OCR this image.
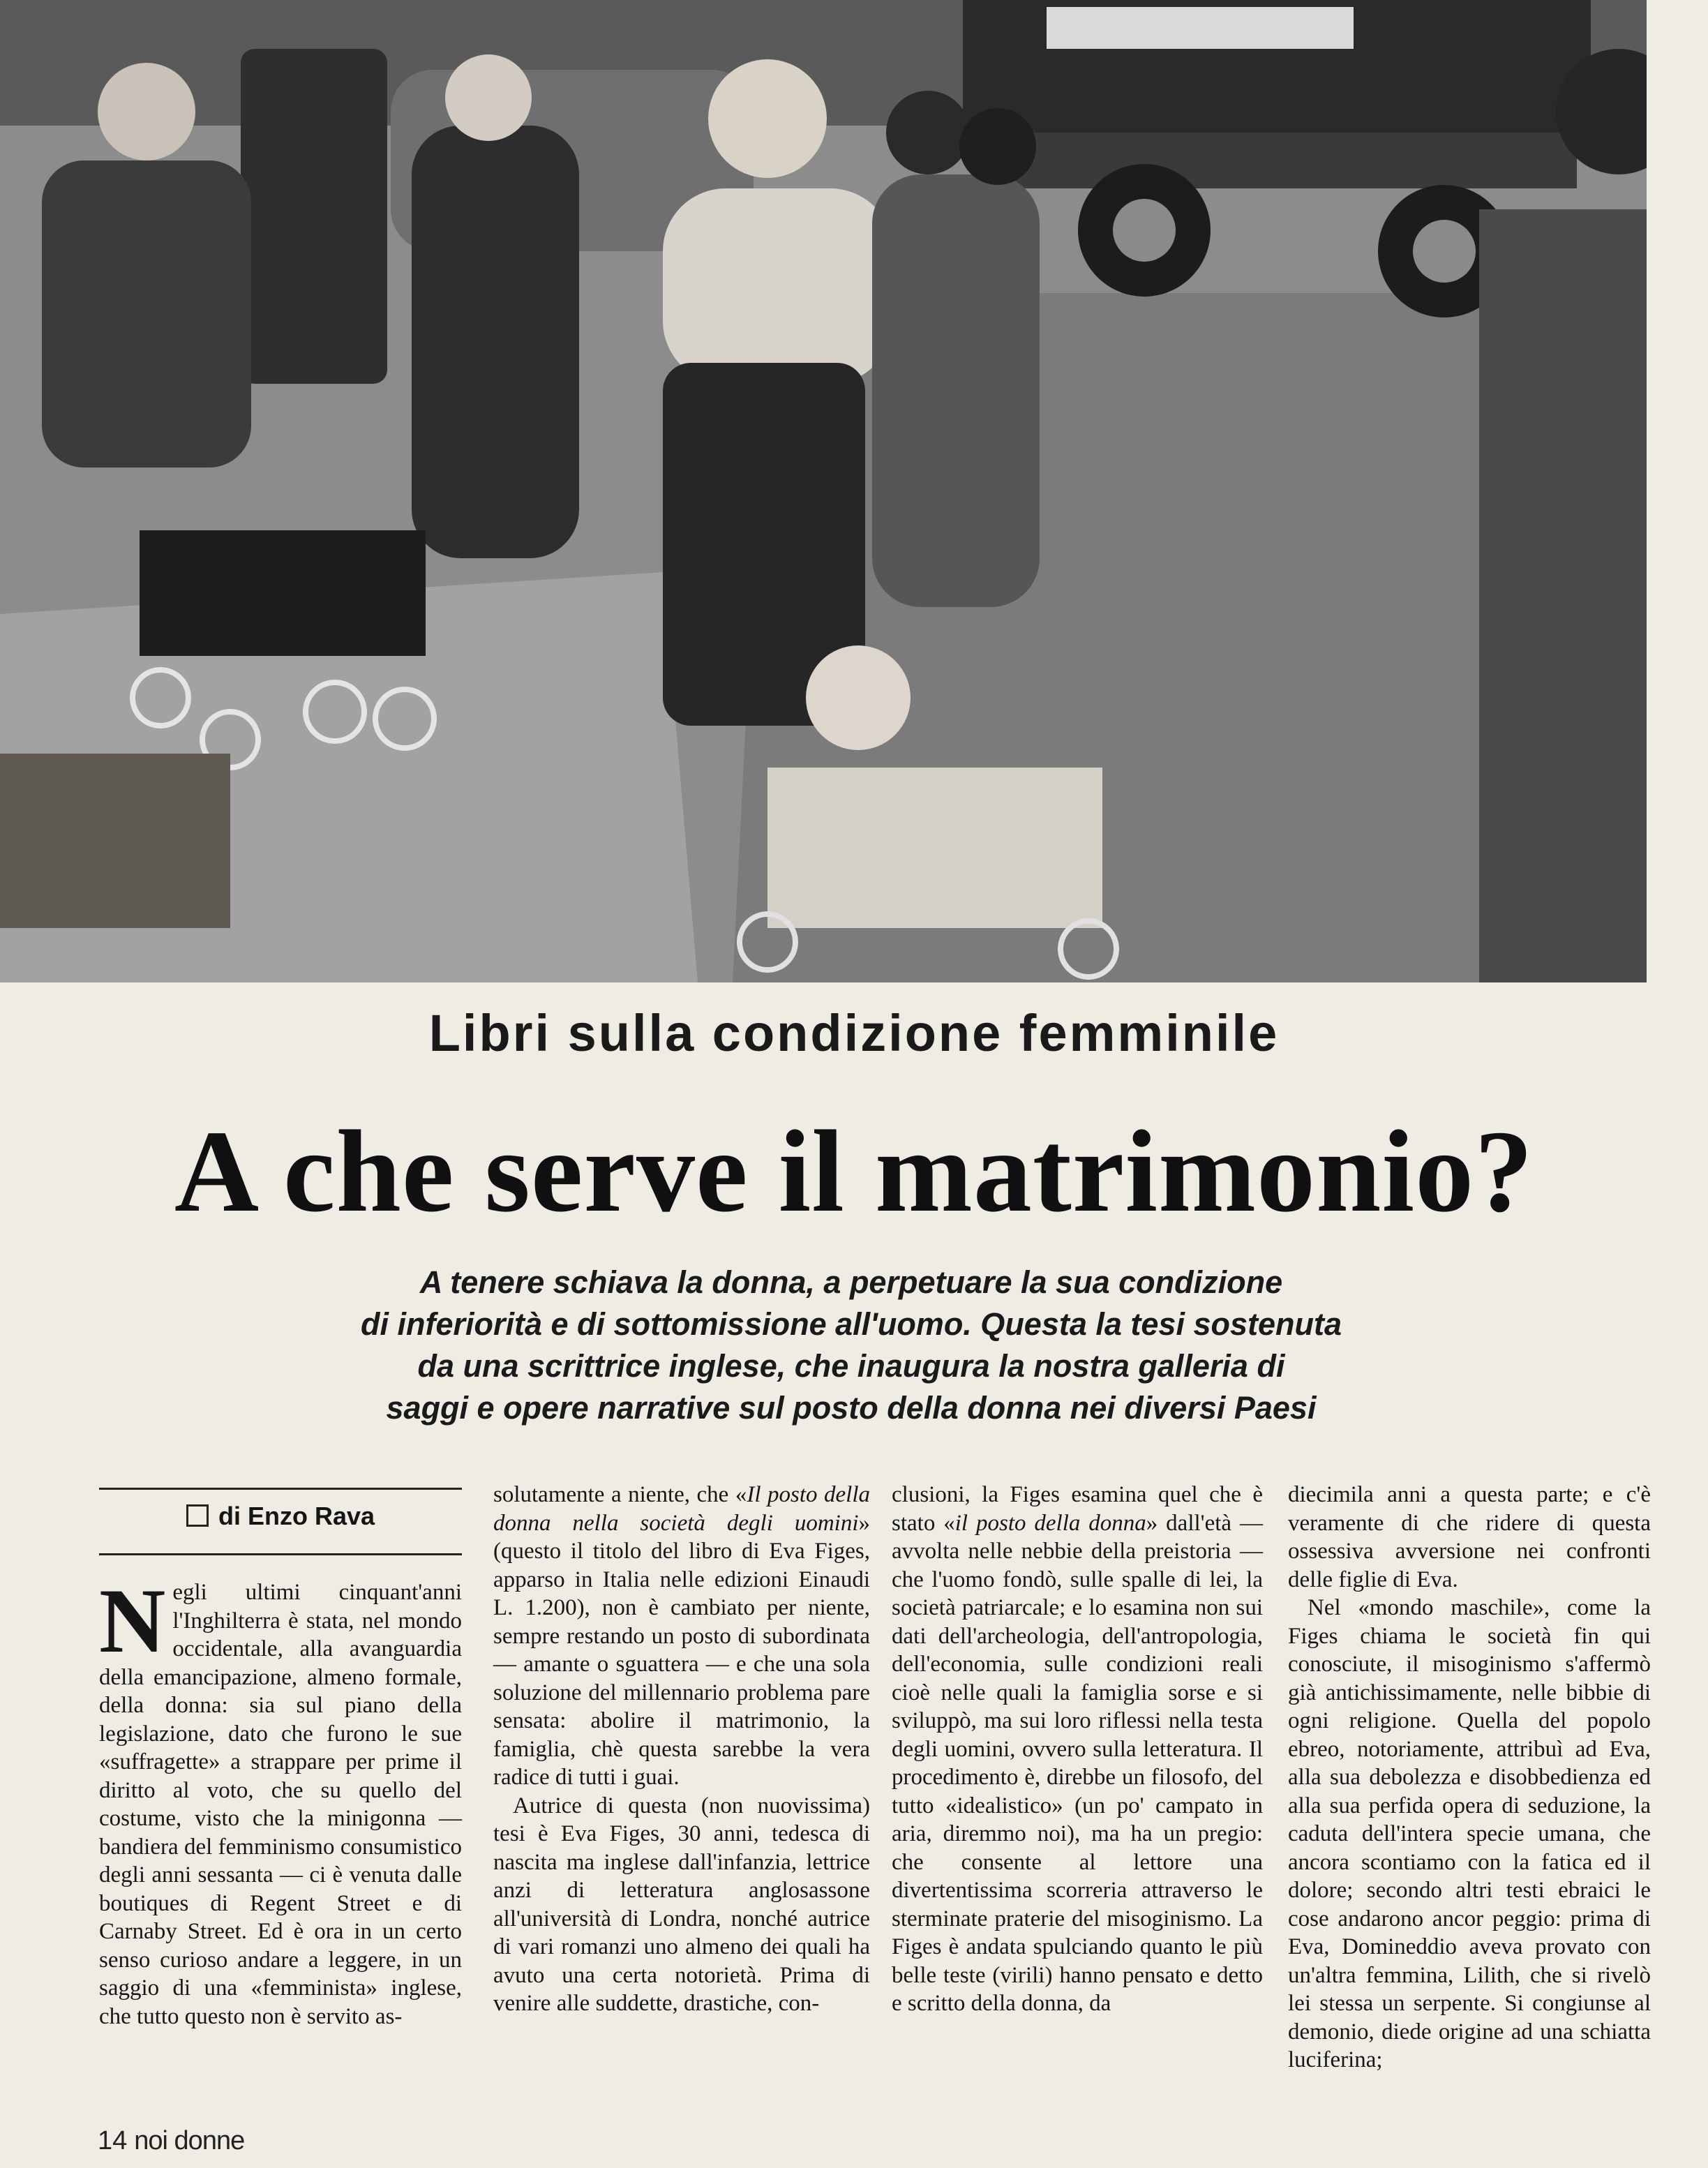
Libri sulla condizione femminile
A che serve il matrimonio?
A tenere schiava la donna, a perpetuare la sua condizione
di inferiorità e di sottomissione all'uomo. Questa la tesi sostenuta
da una scrittrice inglese, che inaugura la nostra galleria di
saggi e opere narrative sul posto della donna nei diversi Paesi
di Enzo Rava

Negli ultimi cinquant'anni l'Inghilterra è stata, nel mondo occidentale, alla avanguardia della emancipazione, almeno formale, della donna: sia sul piano della legislazione, dato che furono le sue «suffragette» a strappare per prime il diritto al voto, che su quello del costume, visto che la minigonna — bandiera del femminismo consumistico degli anni sessanta — ci è venuta dalle boutiques di Regent Street e di Carnaby Street. Ed è ora in un certo senso curioso andare a leggere, in un saggio di una «femminista» inglese, che tutto questo non è servito as-

solutamente a niente, che «Il posto della donna nella società degli uomini» (questo il titolo del libro di Eva Figes, apparso in Italia nelle edizioni Einaudi L. 1.200), non è cambiato per niente, sempre restando un posto di subordinata — amante o sguattera — e che una sola soluzione del millennario problema pare sensata: abolire il matrimonio, la famiglia, chè questa sarebbe la vera radice di tutti i guai.

Autrice di questa (non nuovissima) tesi è Eva Figes, 30 anni, tedesca di nascita ma inglese dall'infanzia, lettrice anzi di letteratura anglosassone all'università di Londra, nonché autrice di vari romanzi uno almeno dei quali ha avuto una certa notorietà. Prima di venire alle suddette, drastiche, con-

clusioni, la Figes esamina quel che è stato «il posto della donna» dall'età — avvolta nelle nebbie della preistoria — che l'uomo fondò, sulle spalle di lei, la società patriarcale; e lo esamina non sui dati dell'archeologia, dell'antropologia, dell'economia, sulle condizioni reali cioè nelle quali la famiglia sorse e si sviluppò, ma sui loro riflessi nella testa degli uomini, ovvero sulla letteratura. Il procedimento è, direbbe un filosofo, del tutto «idealistico» (un po' campato in aria, diremmo noi), ma ha un pregio: che consente al lettore una divertentissima scorreria attraverso le sterminate praterie del misoginismo. La Figes è andata spulciando quanto le più belle teste (virili) hanno pensato e detto e scritto della donna, da

diecimila anni a questa parte; e c'è veramente di che ridere di questa ossessiva avversione nei confronti delle figlie di Eva.

Nel «mondo maschile», come la Figes chiama le società fin qui conosciute, il misoginismo s'affermò già antichissimamente, nelle bibbie di ogni religione. Quella del popolo ebreo, notoriamente, attribuì ad Eva, alla sua debolezza e disobbedienza ed alla sua perfida opera di seduzione, la caduta dell'intera specie umana, che ancora scontiamo con la fatica ed il dolore; secondo altri testi ebraici le cose andarono ancor peggio: prima di Eva, Domineddio aveva provato con un'altra femmina, Lilith, che si rivelò lei stessa un serpente. Si congiunse al demonio, diede origine ad una schiatta luciferina;

14 noi donne
